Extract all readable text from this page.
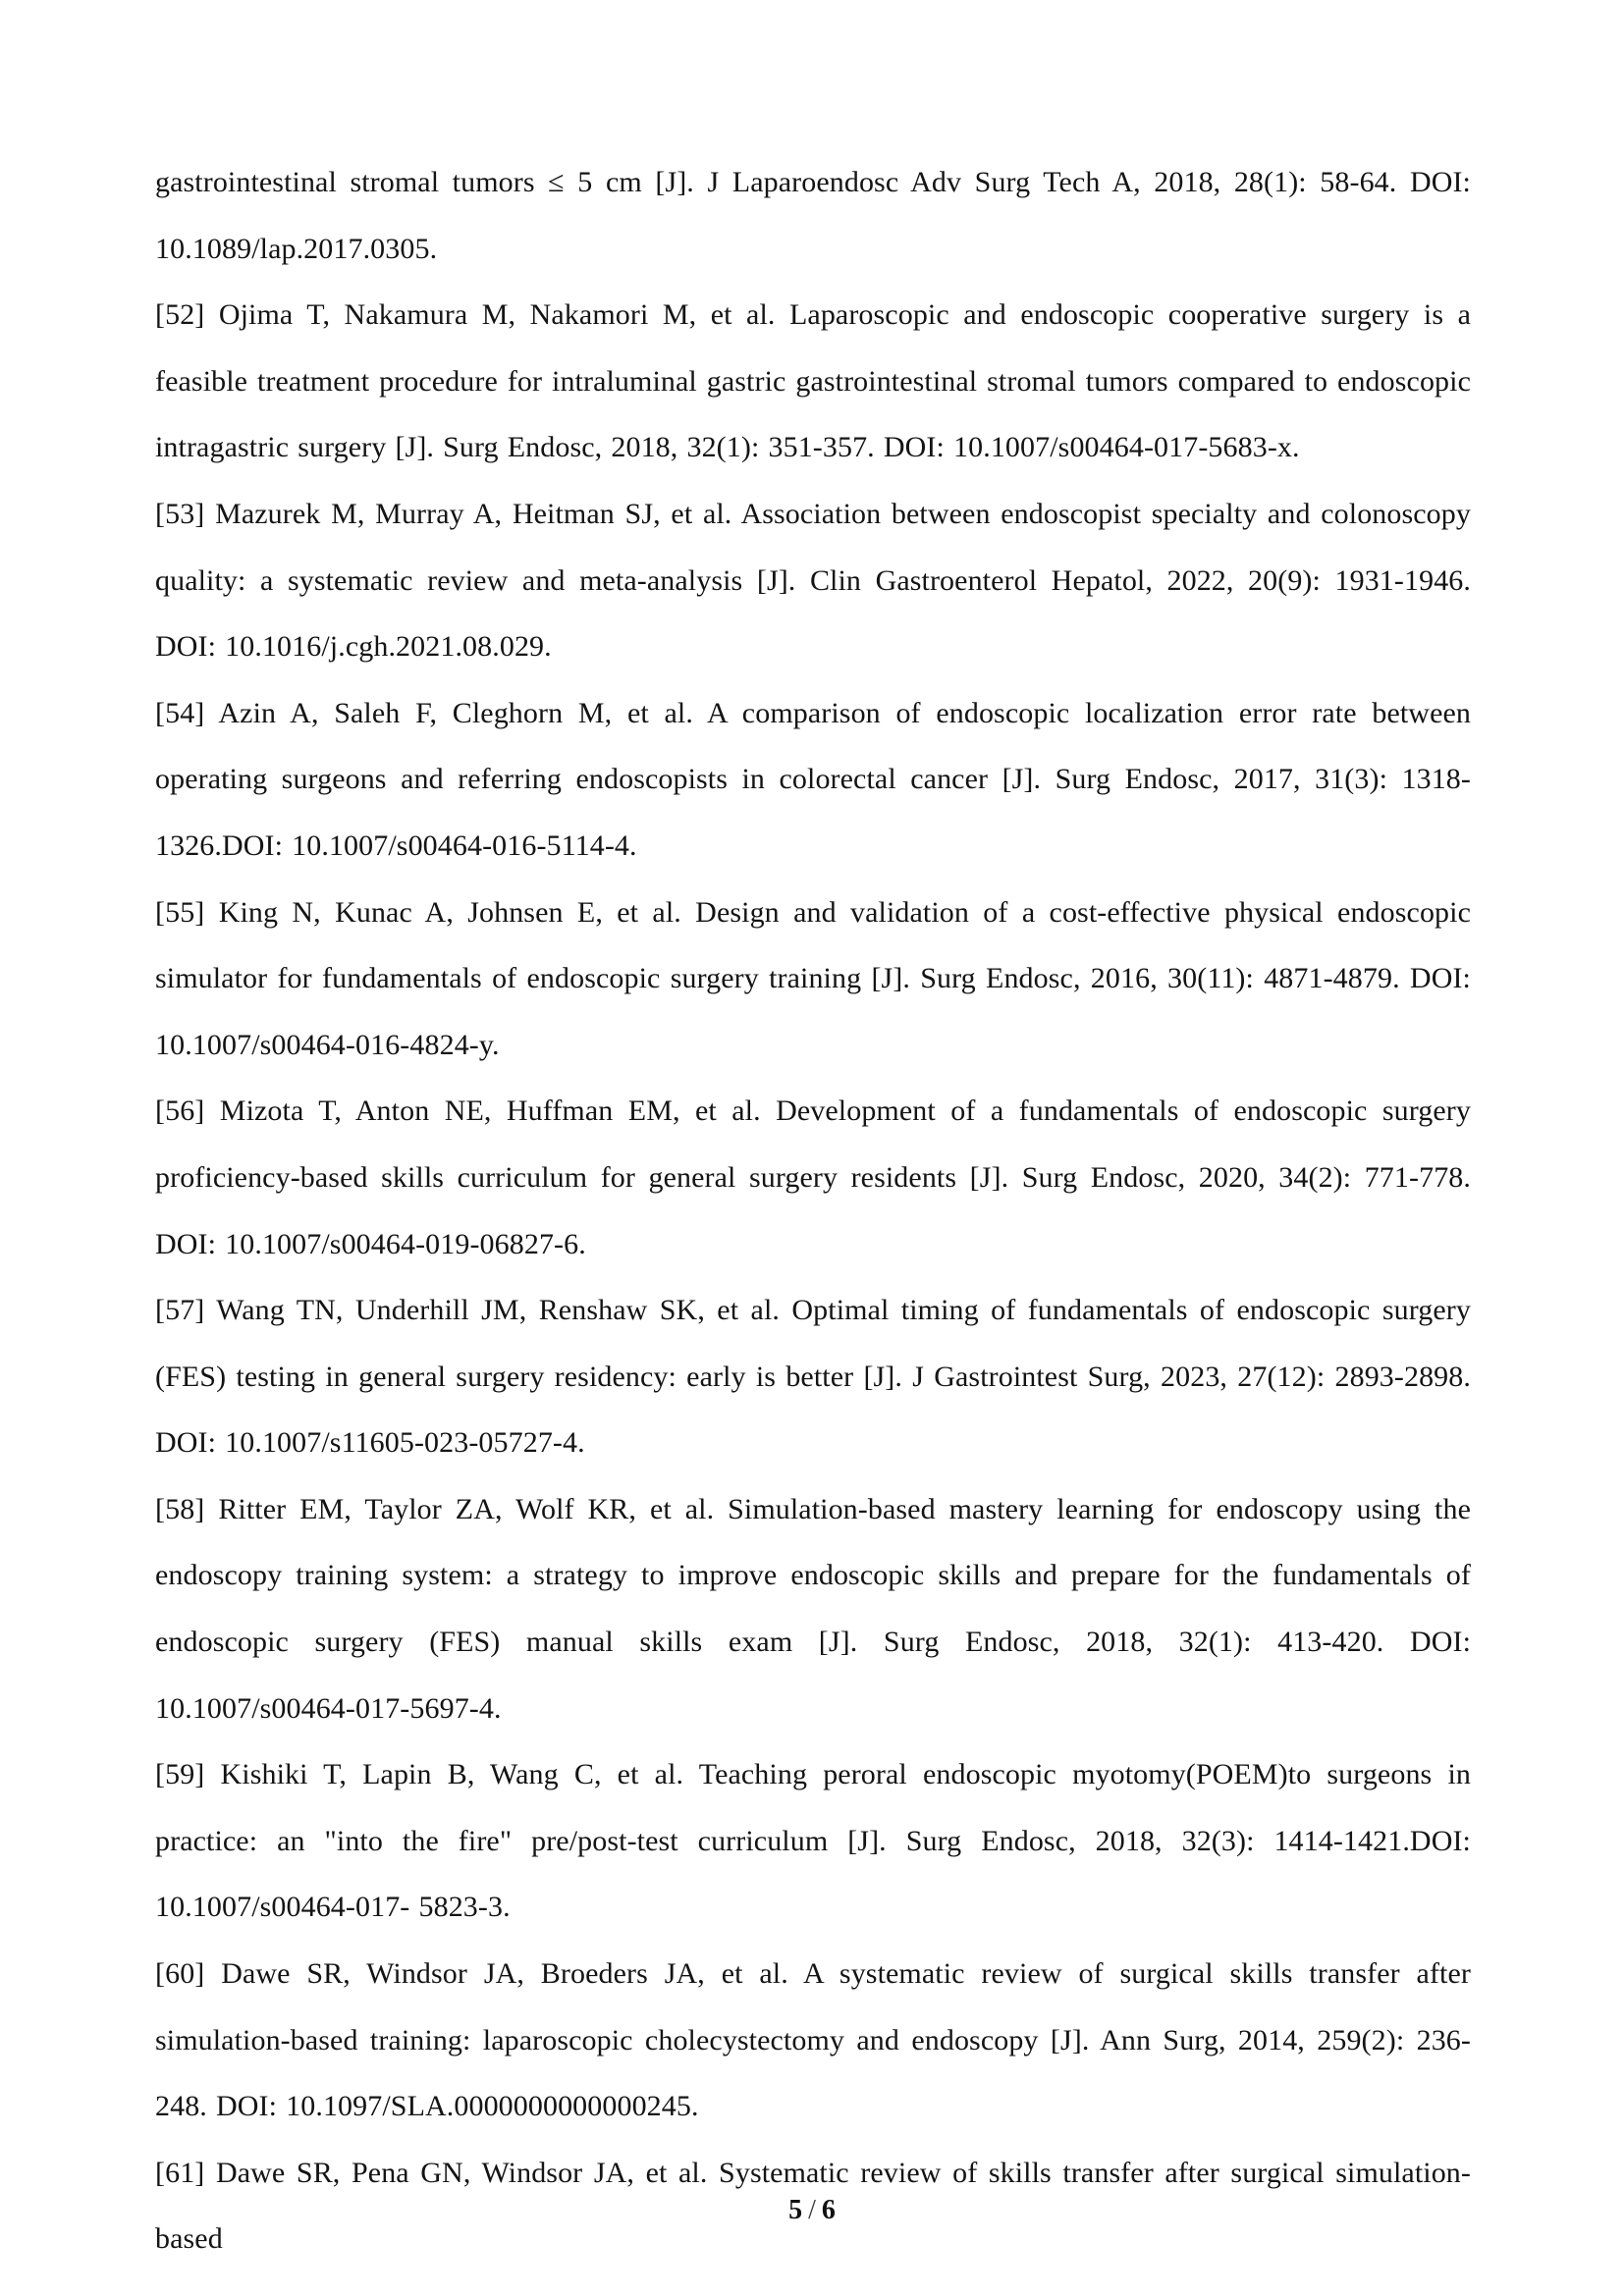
gastrointestinal stromal tumors ≤ 5 cm [J]. J Laparoendosc Adv Surg Tech A, 2018, 28(1): 58-64. DOI: 10.1089/lap.2017.0305.

[52] Ojima T, Nakamura M, Nakamori M, et al. Laparoscopic and endoscopic cooperative surgery is a feasible treatment procedure for intraluminal gastric gastrointestinal stromal tumors compared to endoscopic intragastric surgery [J]. Surg Endosc, 2018, 32(1): 351-357. DOI: 10.1007/s00464-017-5683-x.

[53] Mazurek M, Murray A, Heitman SJ, et al. Association between endoscopist specialty and colonoscopy quality: a systematic review and meta-analysis [J]. Clin Gastroenterol Hepatol, 2022, 20(9): 1931-1946. DOI: 10.1016/j.cgh.2021.08.029.

[54] Azin A, Saleh F, Cleghorn M, et al. A comparison of endoscopic localization error rate between operating surgeons and referring endoscopists in colorectal cancer [J]. Surg Endosc, 2017, 31(3): 1318-1326.DOI: 10.1007/s00464-016-5114-4.

[55] King N, Kunac A, Johnsen E, et al. Design and validation of a cost-effective physical endoscopic simulator for fundamentals of endoscopic surgery training [J]. Surg Endosc, 2016, 30(11): 4871-4879. DOI: 10.1007/s00464-016-4824-y.

[56] Mizota T, Anton NE, Huffman EM, et al. Development of a fundamentals of endoscopic surgery proficiency-based skills curriculum for general surgery residents [J]. Surg Endosc, 2020, 34(2): 771-778. DOI: 10.1007/s00464-019-06827-6.

[57] Wang TN, Underhill JM, Renshaw SK, et al. Optimal timing of fundamentals of endoscopic surgery (FES) testing in general surgery residency: early is better [J]. J Gastrointest Surg, 2023, 27(12): 2893-2898. DOI: 10.1007/s11605-023-05727-4.

[58] Ritter EM, Taylor ZA, Wolf KR, et al. Simulation-based mastery learning for endoscopy using the endoscopy training system: a strategy to improve endoscopic skills and prepare for the fundamentals of endoscopic surgery (FES) manual skills exam [J]. Surg Endosc, 2018, 32(1): 413-420. DOI: 10.1007/s00464-017-5697-4.

[59] Kishiki T, Lapin B, Wang C, et al. Teaching peroral endoscopic myotomy(POEM)to surgeons in practice: an "into the fire" pre/post-test curriculum [J]. Surg Endosc, 2018, 32(3): 1414-1421.DOI: 10.1007/s00464-017- 5823-3.

[60] Dawe SR, Windsor JA, Broeders JA, et al. A systematic review of surgical skills transfer after simulation-based training: laparoscopic cholecystectomy and endoscopy [J]. Ann Surg, 2014, 259(2): 236-248. DOI: 10.1097/SLA.0000000000000245.

[61] Dawe SR, Pena GN, Windsor JA, et al. Systematic review of skills transfer after surgical simulation-based

5 / 6
